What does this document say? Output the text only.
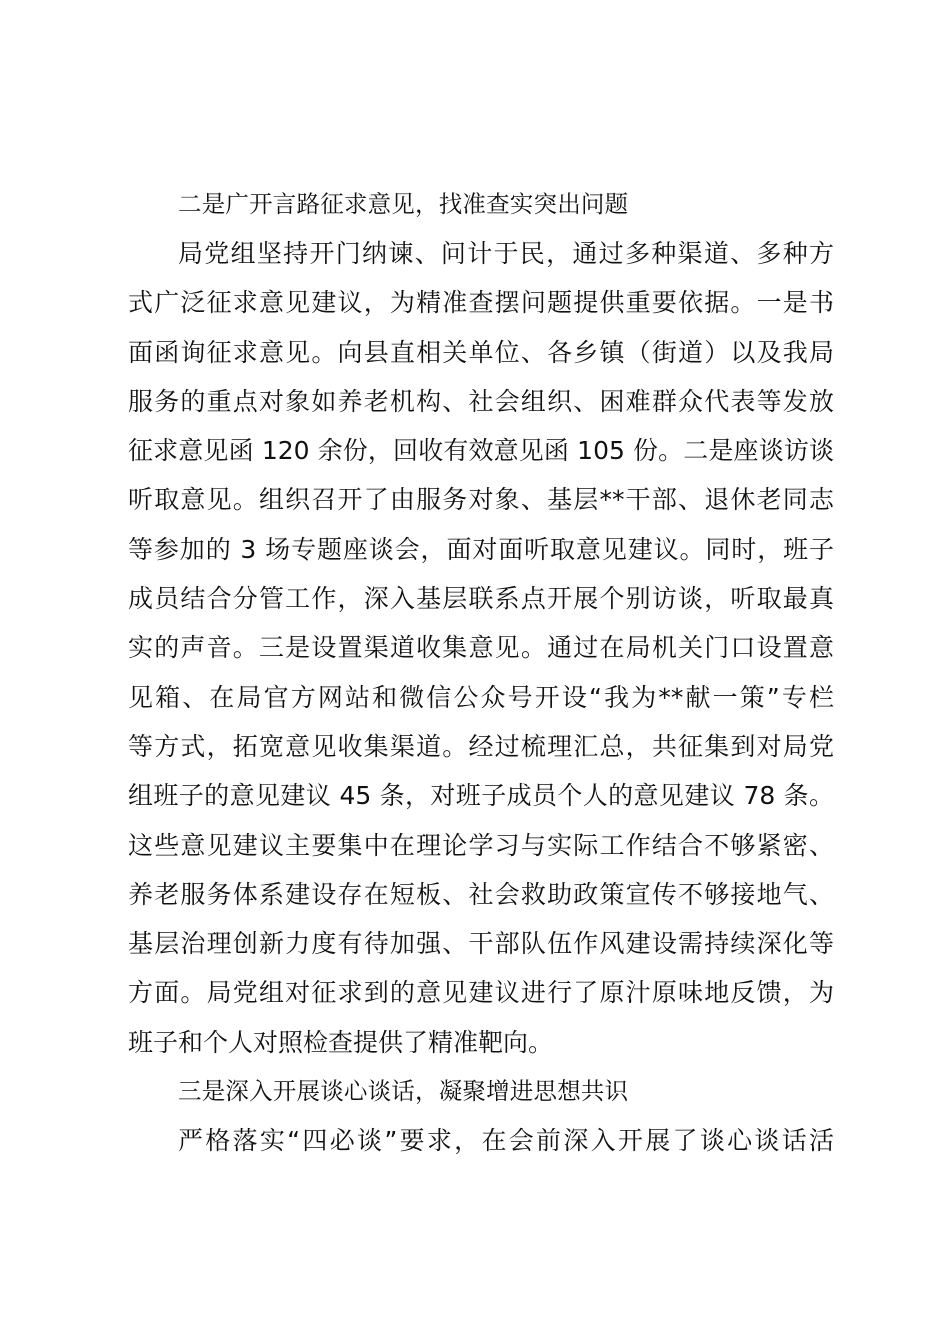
二是广开言路征求意见，找准查实突出问题
局党组坚持开门纳谏、问计于民，通过多种渠道、多种方
式广泛征求意见建议，为精准查摆问题提供重要依据。一是书
面函询征求意见。向县直相关单位、各乡镇（街道）以及我局
服务的重点对象如养老机构、社会组织、困难群众代表等发放
征求意见函 120 余份，回收有效意见函 105 份。二是座谈访谈
听取意见。组织召开了由服务对象、基层**干部、退休老同志
等参加的 3 场专题座谈会，面对面听取意见建议。同时，班子
成员结合分管工作，深入基层联系点开展个别访谈，听取最真
实的声音。三是设置渠道收集意见。通过在局机关门口设置意
见箱、在局官方网站和微信公众号开设“我为**献一策”专栏
等方式，拓宽意见收集渠道。经过梳理汇总，共征集到对局党
组班子的意见建议 45 条，对班子成员个人的意见建议 78 条。
这些意见建议主要集中在理论学习与实际工作结合不够紧密、
养老服务体系建设存在短板、社会救助政策宣传不够接地气、
基层治理创新力度有待加强、干部队伍作风建设需持续深化等
方面。局党组对征求到的意见建议进行了原汁原味地反馈，为
班子和个人对照检查提供了精准靶向。
三是深入开展谈心谈话，凝聚增进思想共识
严格落实“四必谈”要求，在会前深入开展了谈心谈话活
